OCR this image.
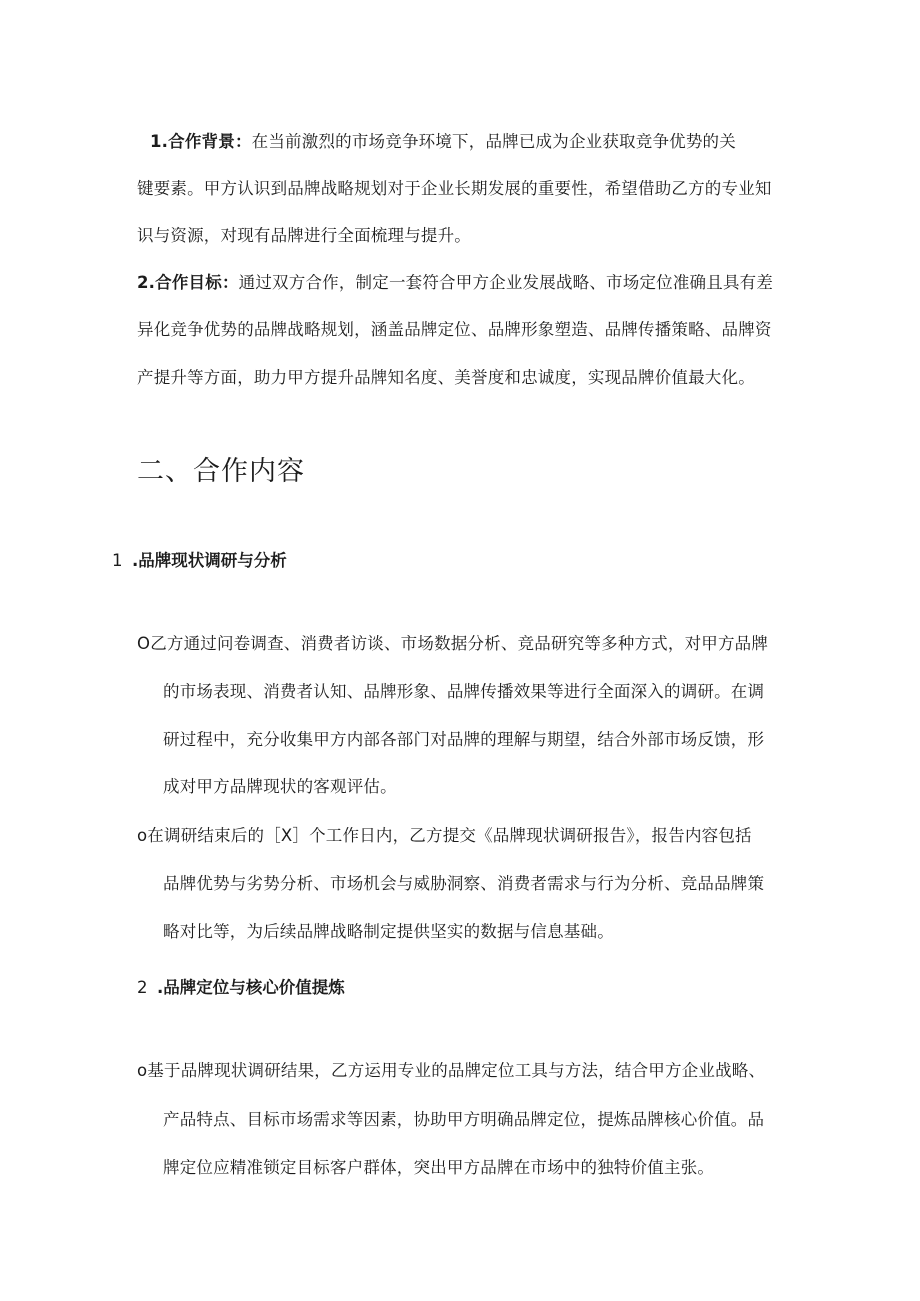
1.合作背景：在当前激烈的市场竞争环境下，品牌已成为企业获取竞争优势的关
键要素。甲方认识到品牌战略规划对于企业长期发展的重要性，希望借助乙方的专业知
识与资源，对现有品牌进行全面梳理与提升。
2.合作目标：通过双方合作，制定一套符合甲方企业发展战略、市场定位准确且具有差
异化竞争优势的品牌战略规划，涵盖品牌定位、品牌形象塑造、品牌传播策略、品牌资
产提升等方面，助力甲方提升品牌知名度、美誉度和忠诚度，实现品牌价值最大化。
二、合作内容
1 .品牌现状调研与分析
O乙方通过问卷调查、消费者访谈、市场数据分析、竞品研究等多种方式，对甲方品牌
的市场表现、消费者认知、品牌形象、品牌传播效果等进行全面深入的调研。在调
研过程中，充分收集甲方内部各部门对品牌的理解与期望，结合外部市场反馈，形
成对甲方品牌现状的客观评估。
o在调研结束后的［X］个工作日内，乙方提交《品牌现状调研报告》，报告内容包括
品牌优势与劣势分析、市场机会与威胁洞察、消费者需求与行为分析、竞品品牌策
略对比等，为后续品牌战略制定提供坚实的数据与信息基础。
2 .品牌定位与核心价值提炼
o基于品牌现状调研结果，乙方运用专业的品牌定位工具与方法，结合甲方企业战略、
产品特点、目标市场需求等因素，协助甲方明确品牌定位，提炼品牌核心价值。品
牌定位应精准锁定目标客户群体，突出甲方品牌在市场中的独特价值主张。
